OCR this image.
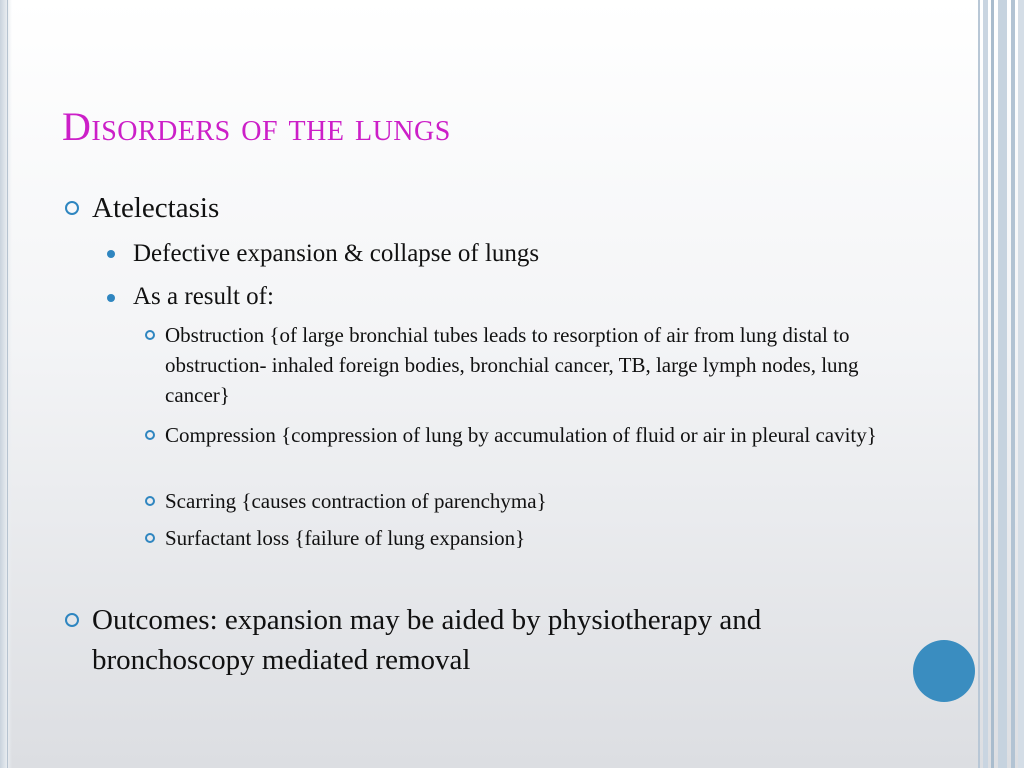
Disorders of the lungs
Atelectasis
Defective expansion & collapse of lungs
As a result of:
Obstruction {of large bronchial tubes leads to resorption of air from lung distal to obstruction- inhaled foreign bodies, bronchial cancer, TB, large lymph nodes, lung cancer}
Compression {compression of lung by accumulation of fluid or air in pleural cavity}
Scarring {causes contraction of parenchyma}
Surfactant loss {failure of lung expansion}
Outcomes: expansion may be aided by physiotherapy and bronchoscopy mediated removal
